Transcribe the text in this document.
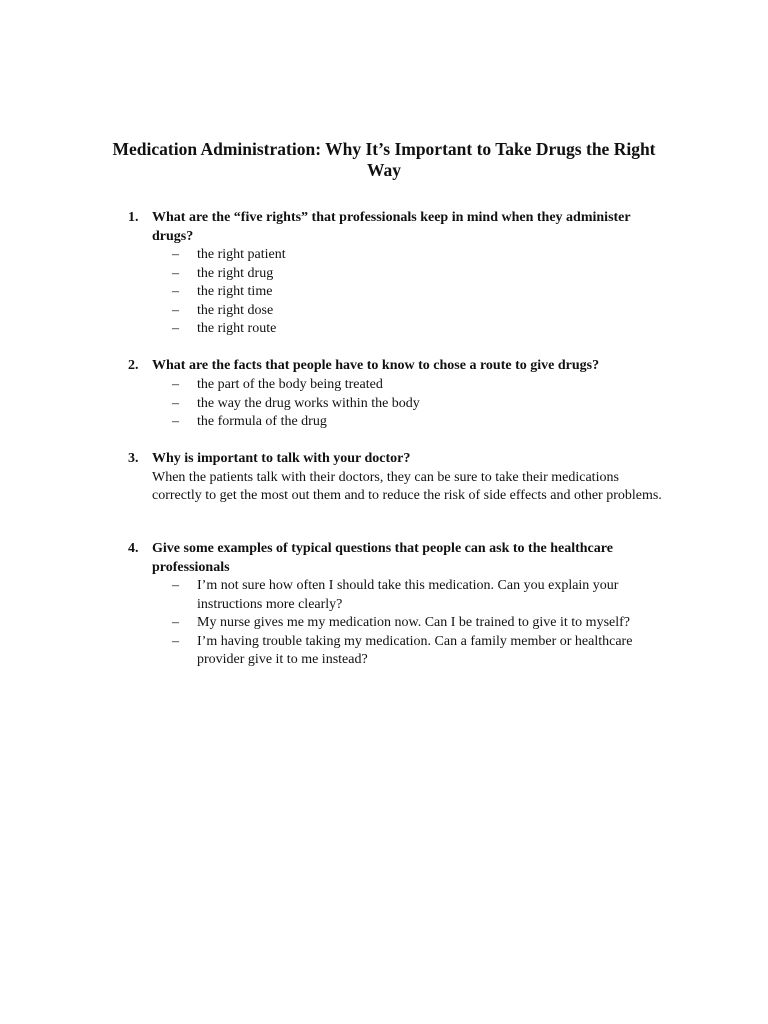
Medication Administration: Why It’s Important to Take Drugs the Right Way
1. What are the “five rights” that professionals keep in mind when they administer drugs?

– the right patient
– the right drug
– the right time
– the right dose
– the right route
2. What are the facts that people have to know to chose a route to give drugs?

– the part of the body being treated
– the way the drug works within the body
– the formula of the drug
3. Why is important to talk with your doctor?

When the patients talk with their doctors, they can be sure to take their medications correctly to get the most out them and to reduce the risk of side effects and other problems.

4. Give some examples of typical questions that people can ask to the healthcare professionals

– I’m not sure how often I should take this medication. Can you explain your instructions more clearly?
– My nurse gives me my medication now. Can I be trained to give it to myself?
– I’m having trouble taking my medication. Can a family member or healthcare provider give it to me instead?
